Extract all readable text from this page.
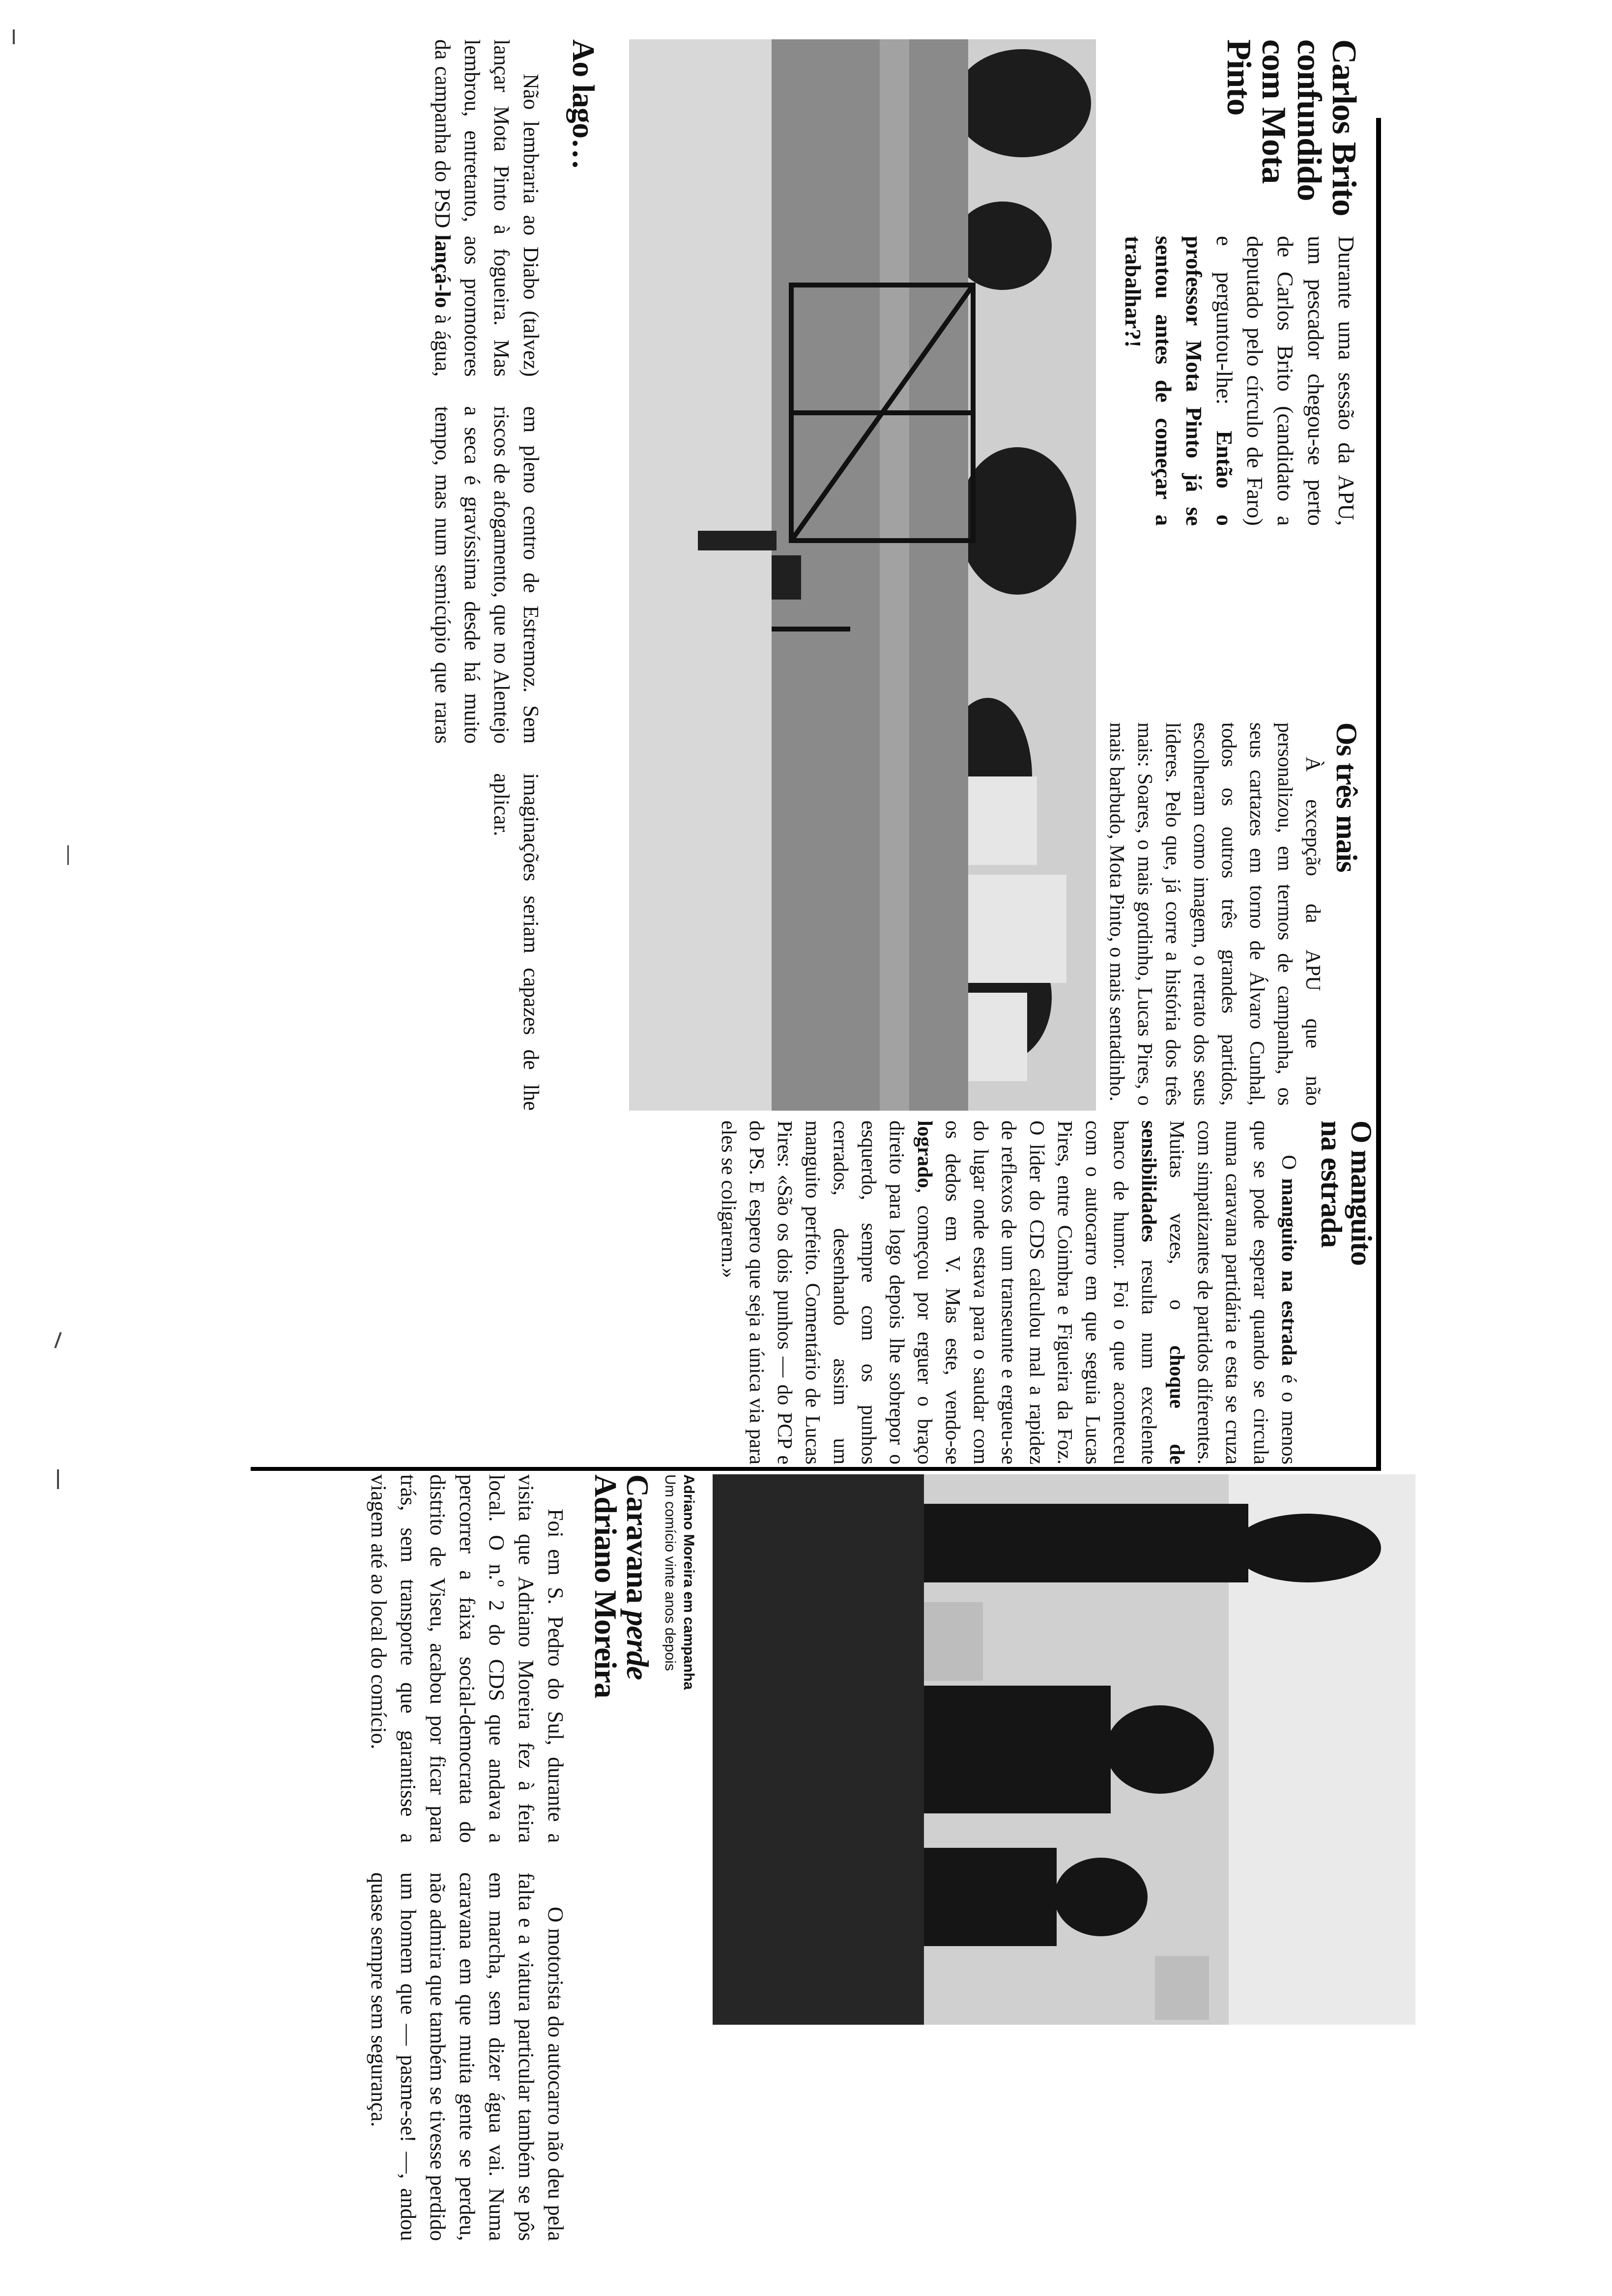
Carlos Brito
confundido
com Mota Pinto

Durante uma sessão da APU, um pescador chegou-se perto de Carlos Brito (candidato a deputado pelo círculo de Faro) e perguntou-lhe: Então o professor Mota Pinto já se sentou antes de começar a trabalhar?!

Os três mais

À excepção da APU que não personalizou, em termos de campanha, os seus cartazes em torno de Álvaro Cunhal, todos os outros três grandes partidos, escolheram como imagem, o retrato dos seus líderes. Pelo que, já corre a história dos três mais: Soares, o mais gordinho, Lucas Pires, o mais barbudo, Mota Pinto, o mais sentadinho.

O manguito
na estrada

O manguito na estrada é o menos que se pode esperar quando se circula numa caravana partidária e esta se cruza com simpatizantes de partidos diferentes. Muitas vezes, o choque de sensibilidades resulta num excelente banco de humor. Foi o que aconteceu com o autocarro em que seguia Lucas Pires, entre Coimbra e Figueira da Foz. O líder do CDS calculou mal a rapidez de reflexos de um transeunte e ergueu-se do lugar onde estava para o saudar com os dedos em V. Mas este, vendo-se logrado, começou por erguer o braço direito para logo depois lhe sobrepor o esquerdo, sempre com os punhos cerrados, desenhando assim um manguito perfeito. Comentário de Lucas Pires: «São os dois punhos — do PCP e do PS. E espero que seja a única via para eles se coligarem.»

Ao lago…

Não lembraria ao Diabo (talvez) lançar Mota Pinto à fogueira. Mas lembrou, entretanto, aos promotores da campanha do PSD lançá-lo à água, em pleno centro de Estremoz. Sem riscos de afogamento, que no Alentejo a seca é gravíssima desde há muito tempo, mas num semicúpio que raras imaginações seriam capazes de lhe aplicar.

Adriano Moreira em campanha
Um comício vinte anos depois
Caravana perde
Adriano Moreira

Foi em S. Pedro do Sul, durante a visita que Adriano Moreira fez à feira local. O n.º 2 do CDS que andava a percorrer a faixa social-democrata do distrito de Viseu, acabou por ficar para trás, sem transporte que garantisse a viagem até ao local do comício.

O motorista do autocarro não deu pela falta e a viatura particular também se pôs em marcha, sem dizer água vai. Numa caravana em que muita gente se perdeu, não admira que também se tivesse perdido um homem que — pasme-se! —, andou quase sempre sem segurança.
